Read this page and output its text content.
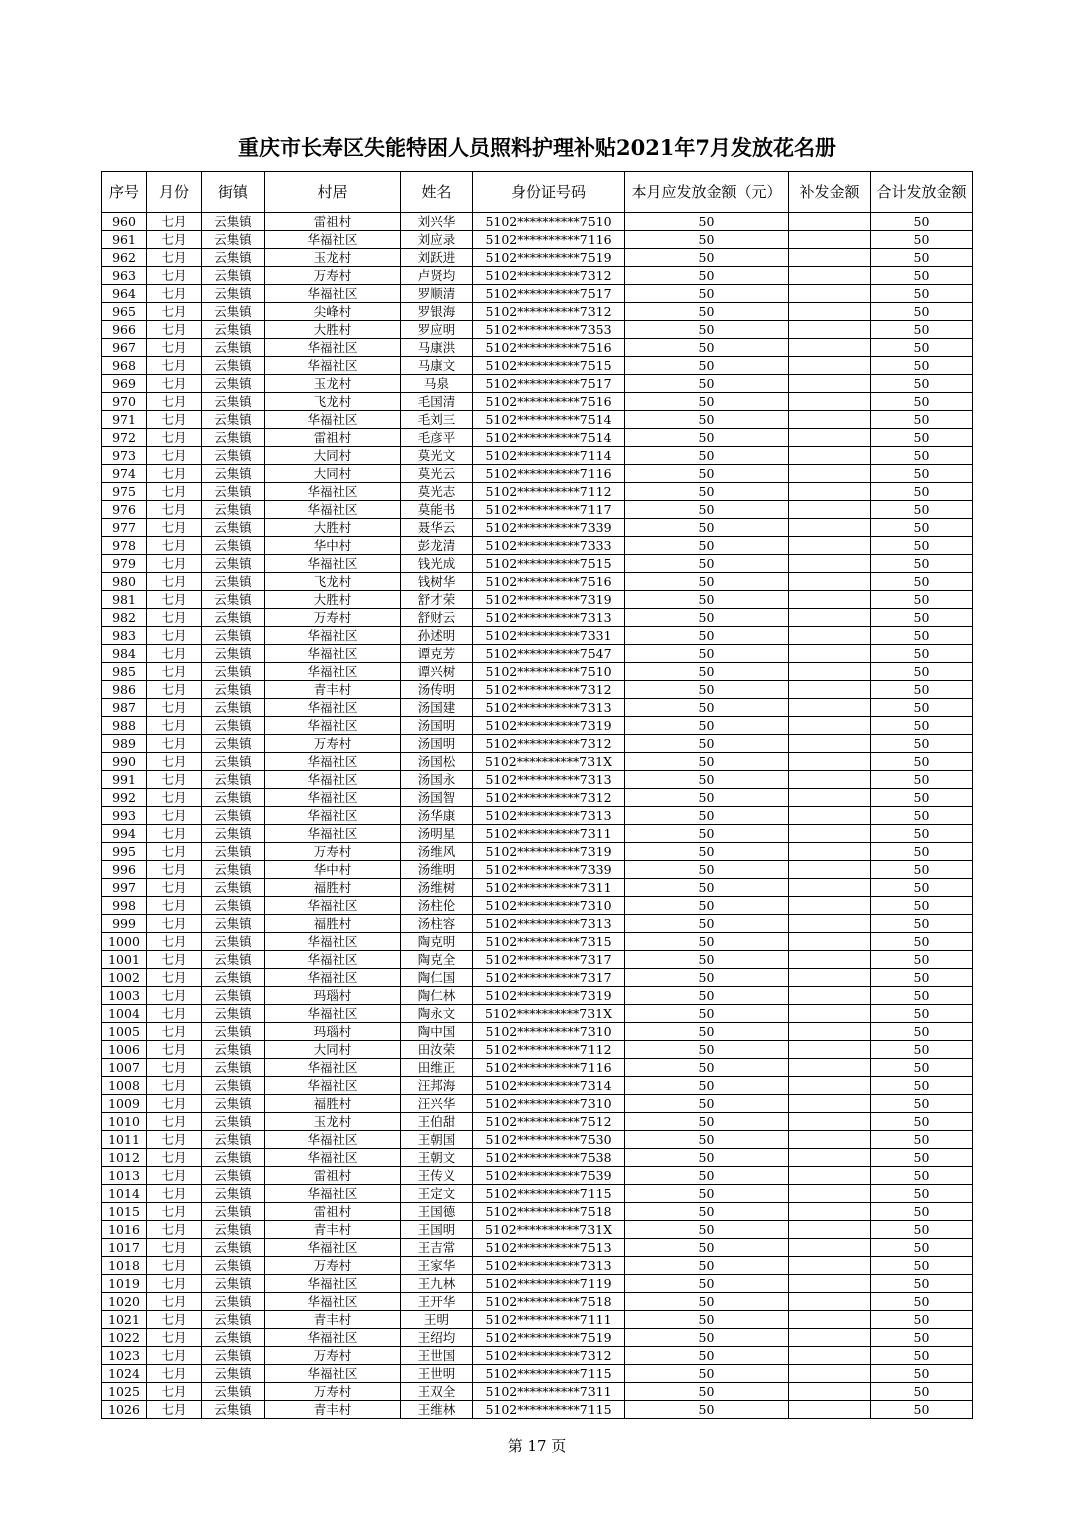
重庆市长寿区失能特困人员照料护理补贴2021年7月发放花名册
序号	月份	街镇	村居	姓名	身份证号码	本月应发放金额（元）	补发金额	合计发放金额
960	七月	云集镇	雷祖村	刘兴华	5102**********7510	50		50
961	七月	云集镇	华福社区	刘应录	5102**********7116	50		50
962	七月	云集镇	玉龙村	刘跃进	5102**********7519	50		50
963	七月	云集镇	万寿村	卢贤均	5102**********7312	50		50
964	七月	云集镇	华福社区	罗顺清	5102**********7517	50		50
965	七月	云集镇	尖峰村	罗银海	5102**********7312	50		50
966	七月	云集镇	大胜村	罗应明	5102**********7353	50		50
967	七月	云集镇	华福社区	马康洪	5102**********7516	50		50
968	七月	云集镇	华福社区	马康文	5102**********7515	50		50
969	七月	云集镇	玉龙村	马泉	5102**********7517	50		50
970	七月	云集镇	飞龙村	毛国清	5102**********7516	50		50
971	七月	云集镇	华福社区	毛刘三	5102**********7514	50		50
972	七月	云集镇	雷祖村	毛彦平	5102**********7514	50		50
973	七月	云集镇	大同村	莫光文	5102**********7114	50		50
974	七月	云集镇	大同村	莫光云	5102**********7116	50		50
975	七月	云集镇	华福社区	莫光志	5102**********7112	50		50
976	七月	云集镇	华福社区	莫能书	5102**********7117	50		50
977	七月	云集镇	大胜村	聂华云	5102**********7339	50		50
978	七月	云集镇	华中村	彭龙清	5102**********7333	50		50
979	七月	云集镇	华福社区	钱光成	5102**********7515	50		50
980	七月	云集镇	飞龙村	钱树华	5102**********7516	50		50
981	七月	云集镇	大胜村	舒才荣	5102**********7319	50		50
982	七月	云集镇	万寿村	舒财云	5102**********7313	50		50
983	七月	云集镇	华福社区	孙述明	5102**********7331	50		50
984	七月	云集镇	华福社区	谭克芳	5102**********7547	50		50
985	七月	云集镇	华福社区	谭兴树	5102**********7510	50		50
986	七月	云集镇	青丰村	汤传明	5102**********7312	50		50
987	七月	云集镇	华福社区	汤国建	5102**********7313	50		50
988	七月	云集镇	华福社区	汤国明	5102**********7319	50		50
989	七月	云集镇	万寿村	汤国明	5102**********7312	50		50
990	七月	云集镇	华福社区	汤国松	5102**********731X	50		50
991	七月	云集镇	华福社区	汤国永	5102**********7313	50		50
992	七月	云集镇	华福社区	汤国智	5102**********7312	50		50
993	七月	云集镇	华福社区	汤华康	5102**********7313	50		50
994	七月	云集镇	华福社区	汤明星	5102**********7311	50		50
995	七月	云集镇	万寿村	汤维风	5102**********7319	50		50
996	七月	云集镇	华中村	汤维明	5102**********7339	50		50
997	七月	云集镇	福胜村	汤维树	5102**********7311	50		50
998	七月	云集镇	华福社区	汤柱伦	5102**********7310	50		50
999	七月	云集镇	福胜村	汤柱容	5102**********7313	50		50
1000	七月	云集镇	华福社区	陶克明	5102**********7315	50		50
1001	七月	云集镇	华福社区	陶克全	5102**********7317	50		50
1002	七月	云集镇	华福社区	陶仁国	5102**********7317	50		50
1003	七月	云集镇	玛瑙村	陶仁林	5102**********7319	50		50
1004	七月	云集镇	华福社区	陶永文	5102**********731X	50		50
1005	七月	云集镇	玛瑙村	陶中国	5102**********7310	50		50
1006	七月	云集镇	大同村	田汝荣	5102**********7112	50		50
1007	七月	云集镇	华福社区	田维正	5102**********7116	50		50
1008	七月	云集镇	华福社区	汪邦海	5102**********7314	50		50
1009	七月	云集镇	福胜村	汪兴华	5102**********7310	50		50
1010	七月	云集镇	玉龙村	王伯甜	5102**********7512	50		50
1011	七月	云集镇	华福社区	王朝国	5102**********7530	50		50
1012	七月	云集镇	华福社区	王朝文	5102**********7538	50		50
1013	七月	云集镇	雷祖村	王传义	5102**********7539	50		50
1014	七月	云集镇	华福社区	王定文	5102**********7115	50		50
1015	七月	云集镇	雷祖村	王国德	5102**********7518	50		50
1016	七月	云集镇	青丰村	王国明	5102**********731X	50		50
1017	七月	云集镇	华福社区	王吉常	5102**********7513	50		50
1018	七月	云集镇	万寿村	王家华	5102**********7313	50		50
1019	七月	云集镇	华福社区	王九林	5102**********7119	50		50
1020	七月	云集镇	华福社区	王开华	5102**********7518	50		50
1021	七月	云集镇	青丰村	王明	5102**********7111	50		50
1022	七月	云集镇	华福社区	王绍均	5102**********7519	50		50
1023	七月	云集镇	万寿村	王世国	5102**********7312	50		50
1024	七月	云集镇	华福社区	王世明	5102**********7115	50		50
1025	七月	云集镇	万寿村	王双全	5102**********7311	50		50
1026	七月	云集镇	青丰村	王维林	5102**********7115	50		50
第 17 页
